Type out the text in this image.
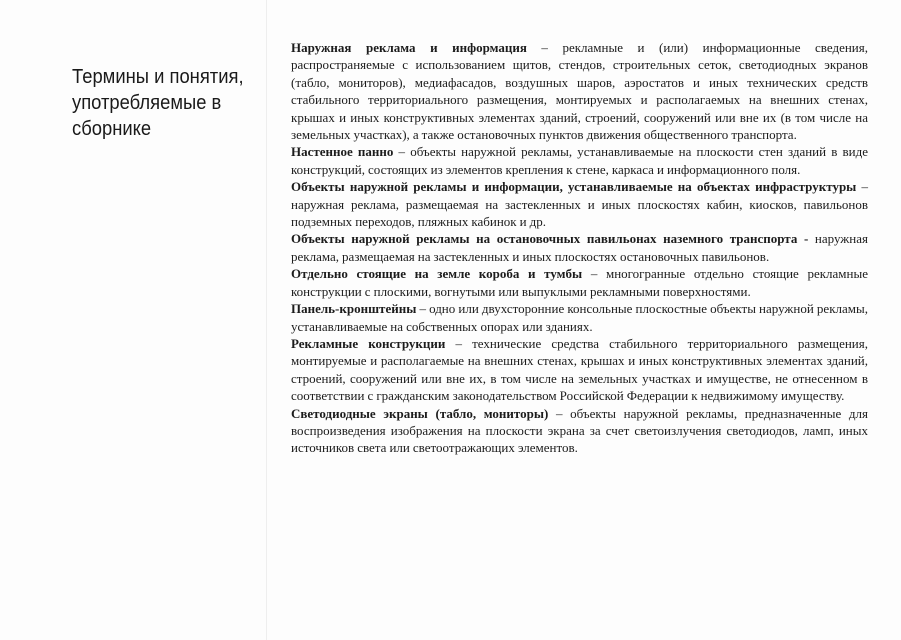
Термины и понятия,
употребляемые в
сборнике

Наружная реклама и информация – рекламные и (или) информационные сведения, распространяемые с использованием щитов, стендов, строительных сеток, светодиодных экранов (табло, мониторов), медиафасадов, воздушных шаров, аэростатов и иных технических средств стабильного территориального размещения, монтируемых и располагаемых на внешних стенах, крышах и иных конструктивных элементах зданий, строений, сооружений или вне их (в том числе на земельных участках), а также остановочных пунктов движения общественного транспорта.

Настенное панно – объекты наружной рекламы, устанавливаемые на плоскости стен зданий в виде конструкций, состоящих из элементов крепления к стене, каркаса и информационного поля.

Объекты наружной рекламы и информации, устанавливаемые на объектах инфраструктуры – наружная реклама, размещаемая на застекленных и иных плоскостях кабин, киосков, павильонов подземных переходов, пляжных кабинок и др.

Объекты наружной рекламы на остановочных павильонах наземного транспорта - наружная реклама, размещаемая на застекленных и иных плоскостях остановочных павильонов.

Отдельно стоящие на земле короба и тумбы – многогранные отдельно стоящие рекламные конструкции с плоскими, вогнутыми или выпуклыми рекламными поверхностями.

Панель-кронштейны – одно или двухсторонние консольные плоскостные объекты наружной рекламы, устанавливаемые на собственных опорах или зданиях.

Рекламные конструкции – технические средства стабильного территориального размещения, монтируемые и располагаемые на внешних стенах, крышах и иных конструктивных элементах зданий, строений, сооружений или вне их, в том числе на земельных участках и имуществе, не отнесенном в соответствии с гражданским законодательством Российской Федерации к недвижимому имуществу.

Светодиодные экраны (табло, мониторы) – объекты наружной рекламы, предназначенные для воспроизведения изображения на плоскости экрана за счет светоизлучения светодиодов, ламп, иных источников света или светоотражающих элементов.
